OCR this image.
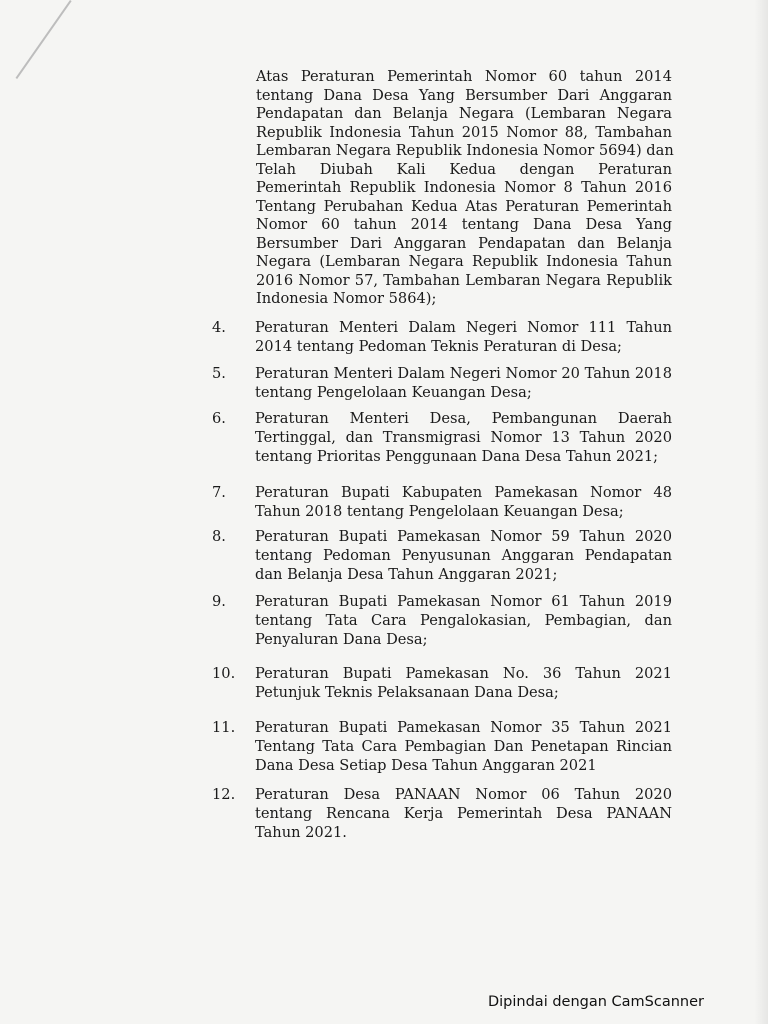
Atas Peraturan Pemerintah Nomor 60 tahun 2014
tentang Dana Desa Yang Bersumber Dari Anggaran
Pendapatan dan Belanja Negara (Lembaran Negara
Republik Indonesia Tahun 2015 Nomor 88, Tambahan
Lembaran Negara Republik Indonesia Nomor 5694) dan
Telah Diubah Kali Kedua dengan Peraturan
Pemerintah Republik Indonesia Nomor 8 Tahun 2016
Tentang Perubahan Kedua Atas Peraturan Pemerintah
Nomor 60 tahun 2014 tentang Dana Desa Yang
Bersumber Dari Anggaran Pendapatan dan Belanja
Negara (Lembaran Negara Republik Indonesia Tahun
2016 Nomor 57, Tambahan Lembaran Negara Republik
Indonesia Nomor 5864);
4.	Peraturan Menteri Dalam Negeri Nomor 111 Tahun
2014 tentang Pedoman Teknis Peraturan di Desa;
5.	Peraturan Menteri Dalam Negeri Nomor 20 Tahun 2018
tentang Pengelolaan Keuangan Desa;
6.	Peraturan Menteri Desa, Pembangunan Daerah
Tertinggal, dan Transmigrasi Nomor 13 Tahun 2020
tentang Prioritas Penggunaan Dana Desa Tahun 2021;
7.	Peraturan Bupati Kabupaten Pamekasan Nomor 48
Tahun 2018 tentang Pengelolaan Keuangan Desa;
8.	Peraturan Bupati Pamekasan Nomor 59 Tahun 2020
tentang Pedoman Penyusunan Anggaran Pendapatan
dan Belanja Desa Tahun Anggaran 2021;
9.	Peraturan Bupati Pamekasan Nomor 61 Tahun 2019
tentang Tata Cara Pengalokasian, Pembagian, dan
Penyaluran Dana Desa;
10.	Peraturan Bupati Pamekasan No. 36 Tahun 2021
Petunjuk Teknis Pelaksanaan Dana Desa;
11.	Peraturan Bupati Pamekasan Nomor 35 Tahun 2021
Tentang Tata Cara Pembagian Dan Penetapan Rincian
Dana Desa Setiap Desa Tahun Anggaran 2021
12.	Peraturan Desa PANAAN Nomor 06 Tahun 2020
tentang Rencana Kerja Pemerintah Desa PANAAN
Tahun 2021.
Dipindai dengan CamScanner
